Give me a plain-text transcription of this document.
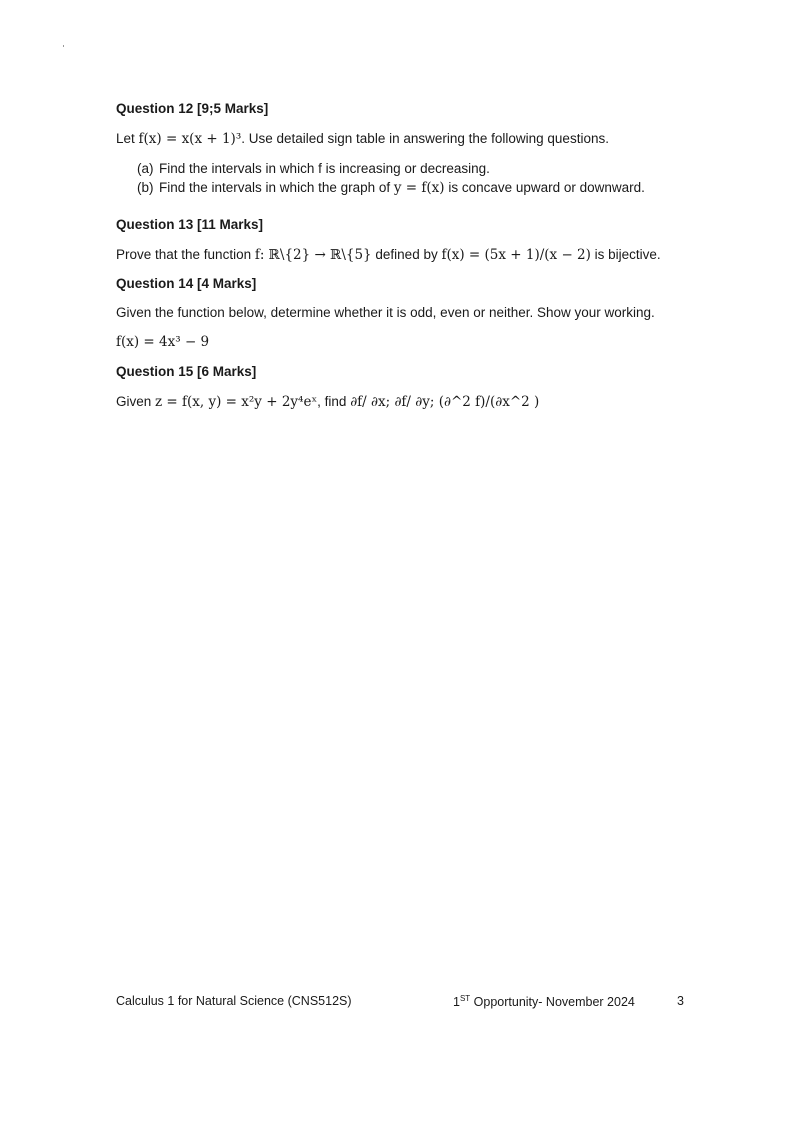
Question 12 [9;5 Marks]

Let f(x) = x(x + 1)³. Use detailed sign table in answering the following questions.

(a) Find the intervals in which f is increasing or decreasing.

(b) Find the intervals in which the graph of y = f(x) is concave upward or downward.

Question 13 [11 Marks]

Prove that the function f: ℝ\{2} → ℝ\{5} defined by f(x) = (5x + 1)/(x − 2) is bijective.

Question 14 [4 Marks]

Given the function below, determine whether it is odd, even or neither. Show your working.

f(x) = 4x³ − 9

Question 15 [6 Marks]

Given z = f(x, y) = x²y + 2y⁴eˣ, find ∂f/ ∂x; ∂f/ ∂y; (∂^2 f)/(∂x^2 )

Calculus 1 for Natural Science (CNS512S)	1ST Opportunity- November 2024	3
